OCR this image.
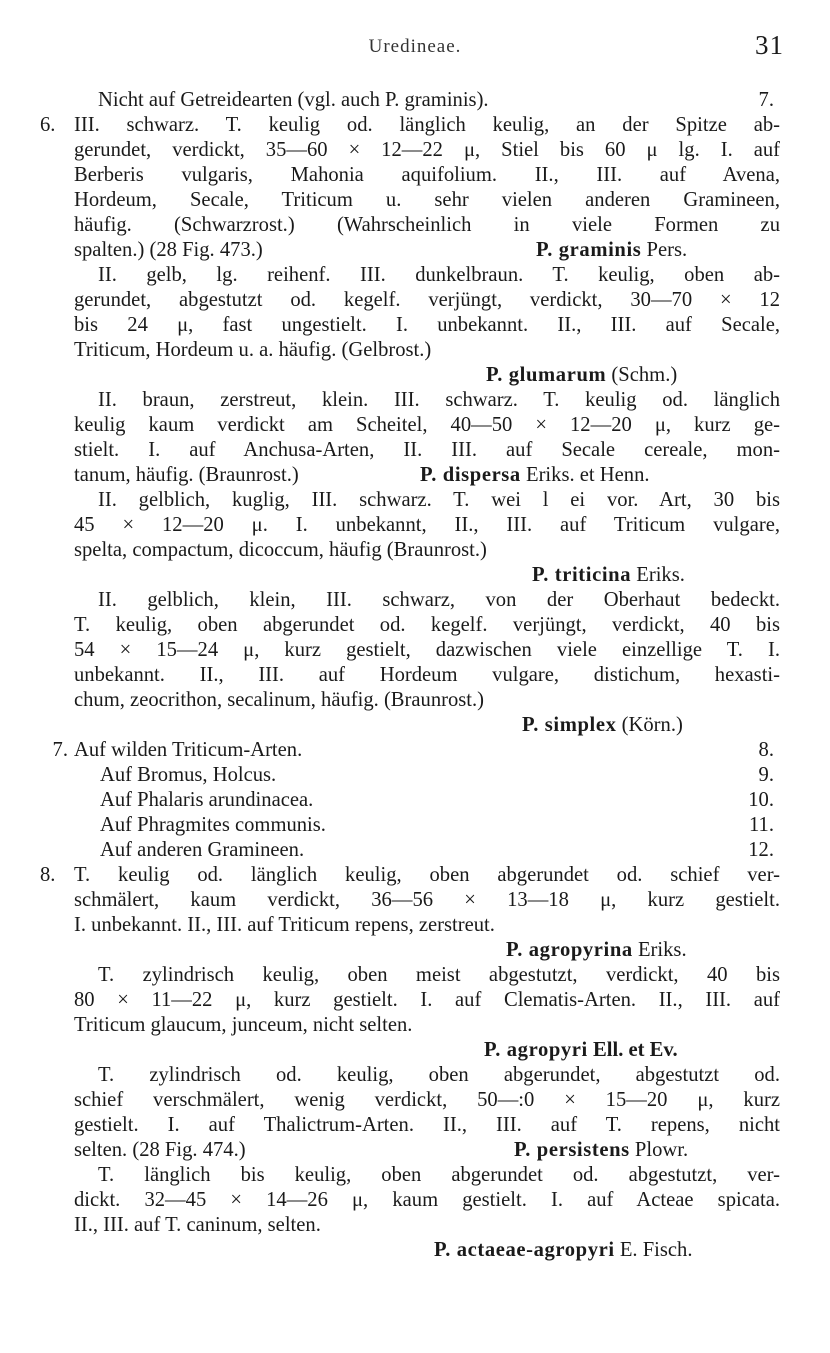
Uredineae.	31
Nicht auf Getreidearten (vgl. auch P. graminis).	7.
6. III. schwarz. T. keulig od. länglich keulig, an der Spitze ab-
gerundet, verdickt, 35—60 × 12—22 μ, Stiel bis 60 μ lg. I. auf
Berberis vulgaris, Mahonia aquifolium. II., III. auf Avena,
Hordeum, Secale, Triticum u. sehr vielen anderen Gramineen,
häufig. (Schwarzrost.) (Wahrscheinlich in viele Formen zu
spalten.) (28 Fig. 473.)	P. graminis Pers.
II. gelb, lg. reihenf. III. dunkelbraun. T. keulig, oben ab-
gerundet, abgestutzt od. kegelf. verjüngt, verdickt, 30—70 × 12
bis 24 μ, fast ungestielt. I. unbekannt. II., III. auf Secale,
Triticum, Hordeum u. a. häufig. (Gelbrost.)
P. glumarum (Schm.)
II. braun, zerstreut, klein. III. schwarz. T. keulig od. länglich
keulig kaum verdickt am Scheitel, 40—50 × 12—20 μ, kurz ge-
stielt. I. auf Anchusa-Arten, II. III. auf Secale cereale, mon-
tanum, häufig. (Braunrost.)	P. dispersa Eriks. et Henn.
II. gelblich, kuglig, III. schwarz. T. wei l ei vor. Art, 30 bis
45 × 12—20 μ. I. unbekannt, II., III. auf Triticum vulgare,
spelta, compactum, dicoccum, häufig (Braunrost.)
P. triticina Eriks.
II. gelblich, klein, III. schwarz, von der Oberhaut bedeckt.
T. keulig, oben abgerundet od. kegelf. verjüngt, verdickt, 40 bis
54 × 15—24 μ, kurz gestielt, dazwischen viele einzellige T. I.
unbekannt. II., III. auf Hordeum vulgare, distichum, hexasti-
chum, zeocrithon, secalinum, häufig. (Braunrost.)
P. simplex (Körn.)
7. Auf wilden Triticum-Arten.	8.
Auf Bromus, Holcus.	9.
Auf Phalaris arundinacea.	10.
Auf Phragmites communis.	11.
Auf anderen Gramineen.	12.
8. T. keulig od. länglich keulig, oben abgerundet od. schief ver-
schmälert, kaum verdickt, 36—56 × 13—18 μ, kurz gestielt.
I. unbekannt. II., III. auf Triticum repens, zerstreut.
P. agropyrina Eriks.
T. zylindrisch keulig, oben meist abgestutzt, verdickt, 40 bis
80 × 11—22 μ, kurz gestielt. I. auf Clematis-Arten. II., III. auf
Triticum glaucum, junceum, nicht selten.
P. agropyri Ell. et Ev.
T. zylindrisch od. keulig, oben abgerundet, abgestutzt od.
schief verschmälert, wenig verdickt, 50—:0 × 15—20 μ, kurz
gestielt. I. auf Thalictrum-Arten. II., III. auf T. repens, nicht
selten. (28 Fig. 474.)	P. persistens Plowr.
T. länglich bis keulig, oben abgerundet od. abgestutzt, ver-
dickt. 32—45 × 14—26 μ, kaum gestielt. I. auf Acteae spicata.
II., III. auf T. caninum, selten.
P. actaeae-agropyri E. Fisch.
